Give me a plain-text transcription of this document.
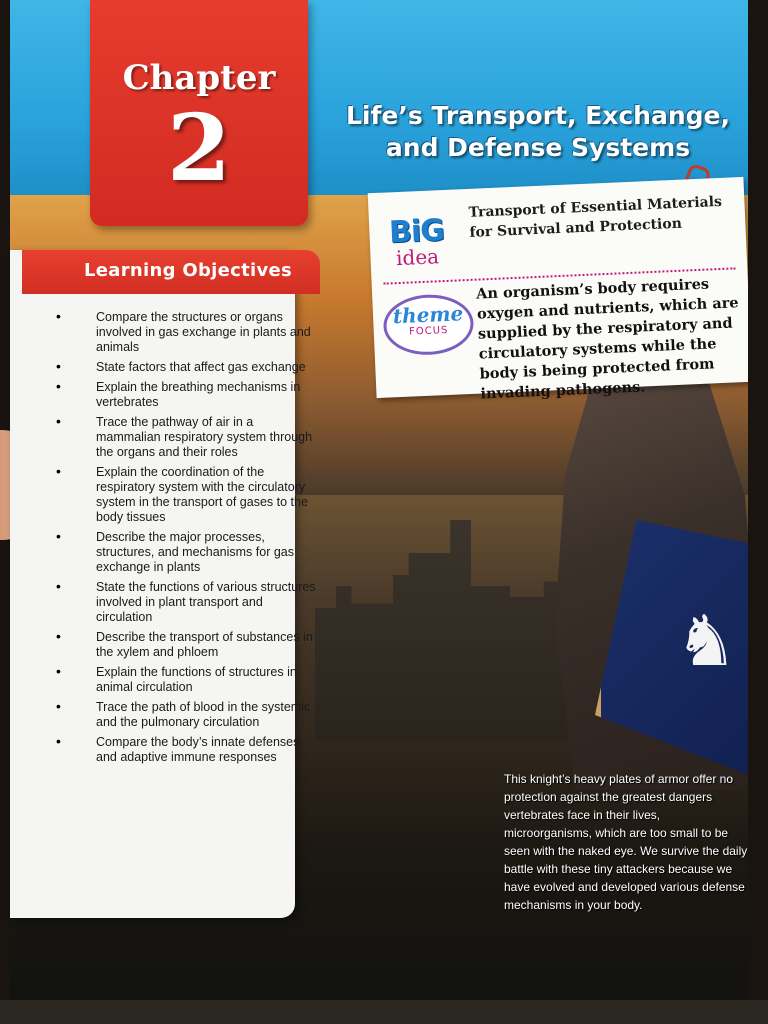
♞
Chapter
2	Life’s Transport, Exchange, and Defense Systems
BiG
idea
Transport of Essential Materials for Survival and Protection
theme
FOCUS
An organism’s body requires oxygen and nutrients, which are supplied by the respiratory and circulatory systems while the body is being protected from invading pathogens.
This knight’s heavy plates of armor offer no protection against the greatest dangers vertebrates face in their lives, microorganisms, which are too small to be seen with the naked eye. We survive the daily battle with these tiny attackers because we have evolved and developed various defense mechanisms in your body.
Learning Objectives
• Compare the structures or organs involved in gas exchange in plants and animals
• State factors that affect gas exchange
• Explain the breathing mechanisms in vertebrates
• Trace the pathway of air in a mammalian respiratory system through the organs and their roles
• Explain the coordination of the respiratory system with the circulatory system in the transport of gases to the body tissues
• Describe the major processes, structures, and mechanisms for gas exchange in plants
• State the functions of various structures involved in plant transport and circulation
• Describe the transport of substances in the xylem and phloem
• Explain the functions of structures in animal circulation
• Trace the path of blood in the systemic and the pulmonary circulation
• Compare the body’s innate defenses and adaptive immune responses
